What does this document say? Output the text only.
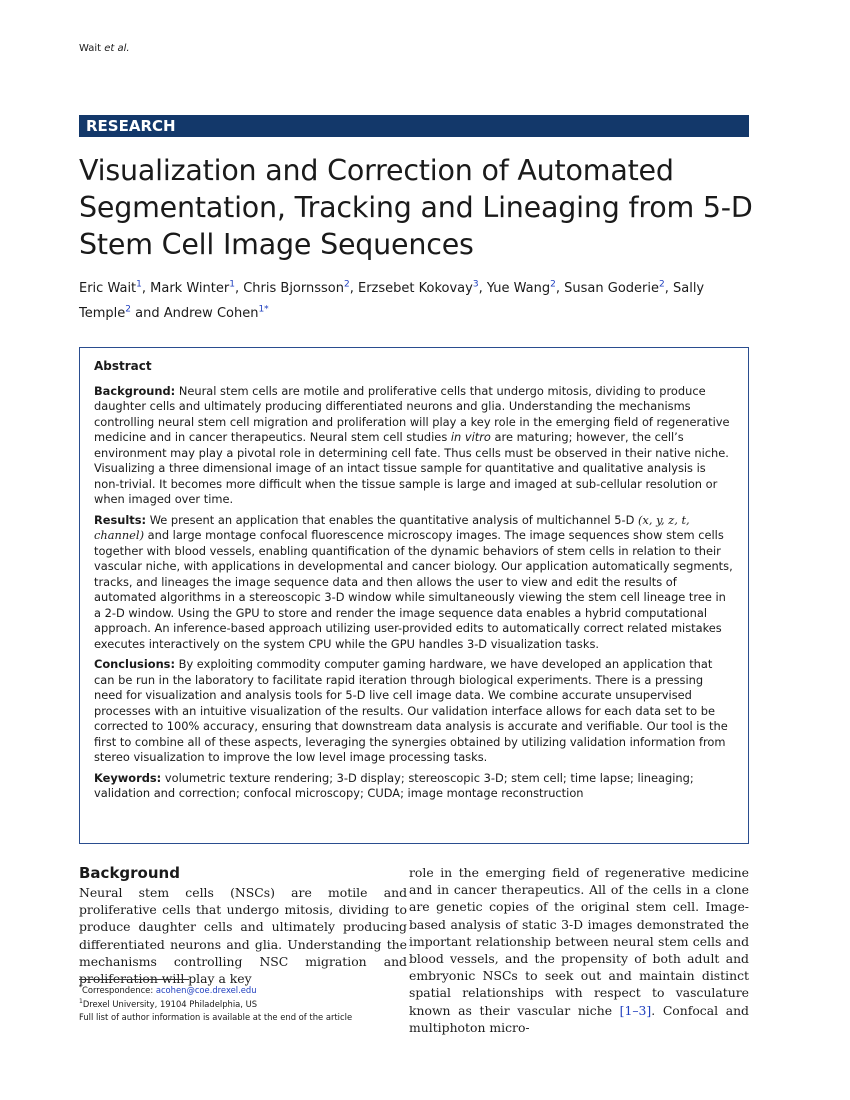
Wait et al.
RESEARCH
Visualization and Correction of Automated Segmentation, Tracking and Lineaging from 5-D Stem Cell Image Sequences
Eric Wait$^1$, Mark Winter$^1$, Chris Bjornsson$^2$, Erzsebet Kokovay$^3$, Yue Wang$^2$, Susan Goderie$^2$, Sally Temple$^2$ and Andrew Cohen$^{1*}$
Abstract

Background: Neural stem cells are motile and proliferative cells that undergo mitosis, dividing to produce daughter cells and ultimately producing differentiated neurons and glia. Understanding the mechanisms controlling neural stem cell migration and proliferation will play a key role in the emerging field of regenerative medicine and in cancer therapeutics. Neural stem cell studies in vitro are maturing; however, the cell’s environment may play a pivotal role in determining cell fate. Thus cells must be observed in their native niche. Visualizing a three dimensional image of an intact tissue sample for quantitative and qualitative analysis is non-trivial. It becomes more difficult when the tissue sample is large and imaged at sub-cellular resolution or when imaged over time.

Results: We present an application that enables the quantitative analysis of multichannel 5-D (x, y, z, t, channel) and large montage confocal fluorescence microscopy images. The image sequences show stem cells together with blood vessels, enabling quantification of the dynamic behaviors of stem cells in relation to their vascular niche, with applications in developmental and cancer biology. Our application automatically segments, tracks, and lineages the image sequence data and then allows the user to view and edit the results of automated algorithms in a stereoscopic 3-D window while simultaneously viewing the stem cell lineage tree in a 2-D window. Using the GPU to store and render the image sequence data enables a hybrid computational approach. An inference-based approach utilizing user-provided edits to automatically correct related mistakes executes interactively on the system CPU while the GPU handles 3-D visualization tasks.

Conclusions: By exploiting commodity computer gaming hardware, we have developed an application that can be run in the laboratory to facilitate rapid iteration through biological experiments. There is a pressing need for visualization and analysis tools for 5-D live cell image data. We combine accurate unsupervised processes with an intuitive visualization of the results. Our validation interface allows for each data set to be corrected to 100% accuracy, ensuring that downstream data analysis is accurate and verifiable. Our tool is the first to combine all of these aspects, leveraging the synergies obtained by utilizing validation information from stereo visualization to improve the low level image processing tasks.

Keywords: volumetric texture rendering; 3-D display; stereoscopic 3-D; stem cell; time lapse; lineaging; validation and correction; confocal microscopy; CUDA; image montage reconstruction

Background
Neural stem cells (NSCs) are motile and proliferative cells that undergo mitosis, dividing to produce daughter cells and ultimately producing differentiated neurons and glia. Understanding the mechanisms controlling NSC migration and proliferation will play a key
role in the emerging field of regenerative medicine and in cancer therapeutics. All of the cells in a clone are genetic copies of the original stem cell. Image-based analysis of static 3-D images demonstrated the important relationship between neural stem cells and blood vessels, and the propensity of both adult and embryonic NSCs to seek out and maintain distinct spatial relationships with respect to vasculature known as their vascular niche [1–3]. Confocal and multiphoton micro-
*Correspondence: acohen@coe.drexel.edu
$^1$Drexel University, 19104 Philadelphia, US
Full list of author information is available at the end of the article
